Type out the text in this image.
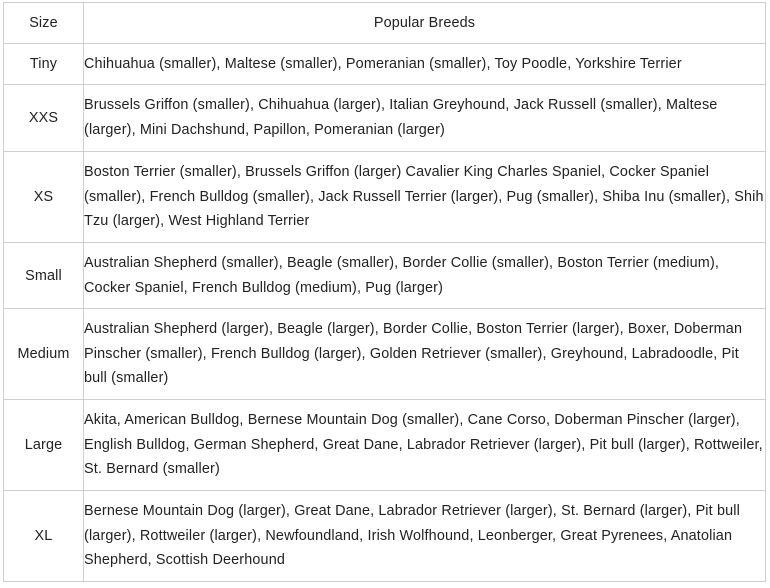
Size	Popular Breeds
Tiny	Chihuahua (smaller), Maltese (smaller), Pomeranian (smaller), Toy Poodle, Yorkshire Terrier
XXS	Brussels Griffon (smaller), Chihuahua (larger), Italian Greyhound, Jack Russell (smaller), Maltese (larger), Mini Dachshund, Papillon, Pomeranian (larger)
XS	Boston Terrier (smaller), Brussels Griffon (larger) Cavalier King Charles Spaniel, Cocker Spaniel (smaller), French Bulldog (smaller), Jack Russell Terrier (larger), Pug (smaller), Shiba Inu (smaller), Shih Tzu (larger), West Highland Terrier
Small	Australian Shepherd (smaller), Beagle (smaller), Border Collie (smaller), Boston Terrier (medium), Cocker Spaniel, French Bulldog (medium), Pug (larger)
Medium	Australian Shepherd (larger), Beagle (larger), Border Collie, Boston Terrier (larger), Boxer, Doberman Pinscher (smaller), French Bulldog (larger), Golden Retriever (smaller), Greyhound, Labradoodle, Pit bull (smaller)
Large	Akita, American Bulldog, Bernese Mountain Dog (smaller), Cane Corso, Doberman Pinscher (larger), English Bulldog, German Shepherd, Great Dane, Labrador Retriever (larger), Pit bull (larger), Rottweiler, St. Bernard (smaller)
XL	Bernese Mountain Dog (larger), Great Dane, Labrador Retriever (larger), St. Bernard (larger), Pit bull (larger), Rottweiler (larger), Newfoundland, Irish Wolfhound, Leonberger, Great Pyrenees, Anatolian Shepherd, Scottish Deerhound
